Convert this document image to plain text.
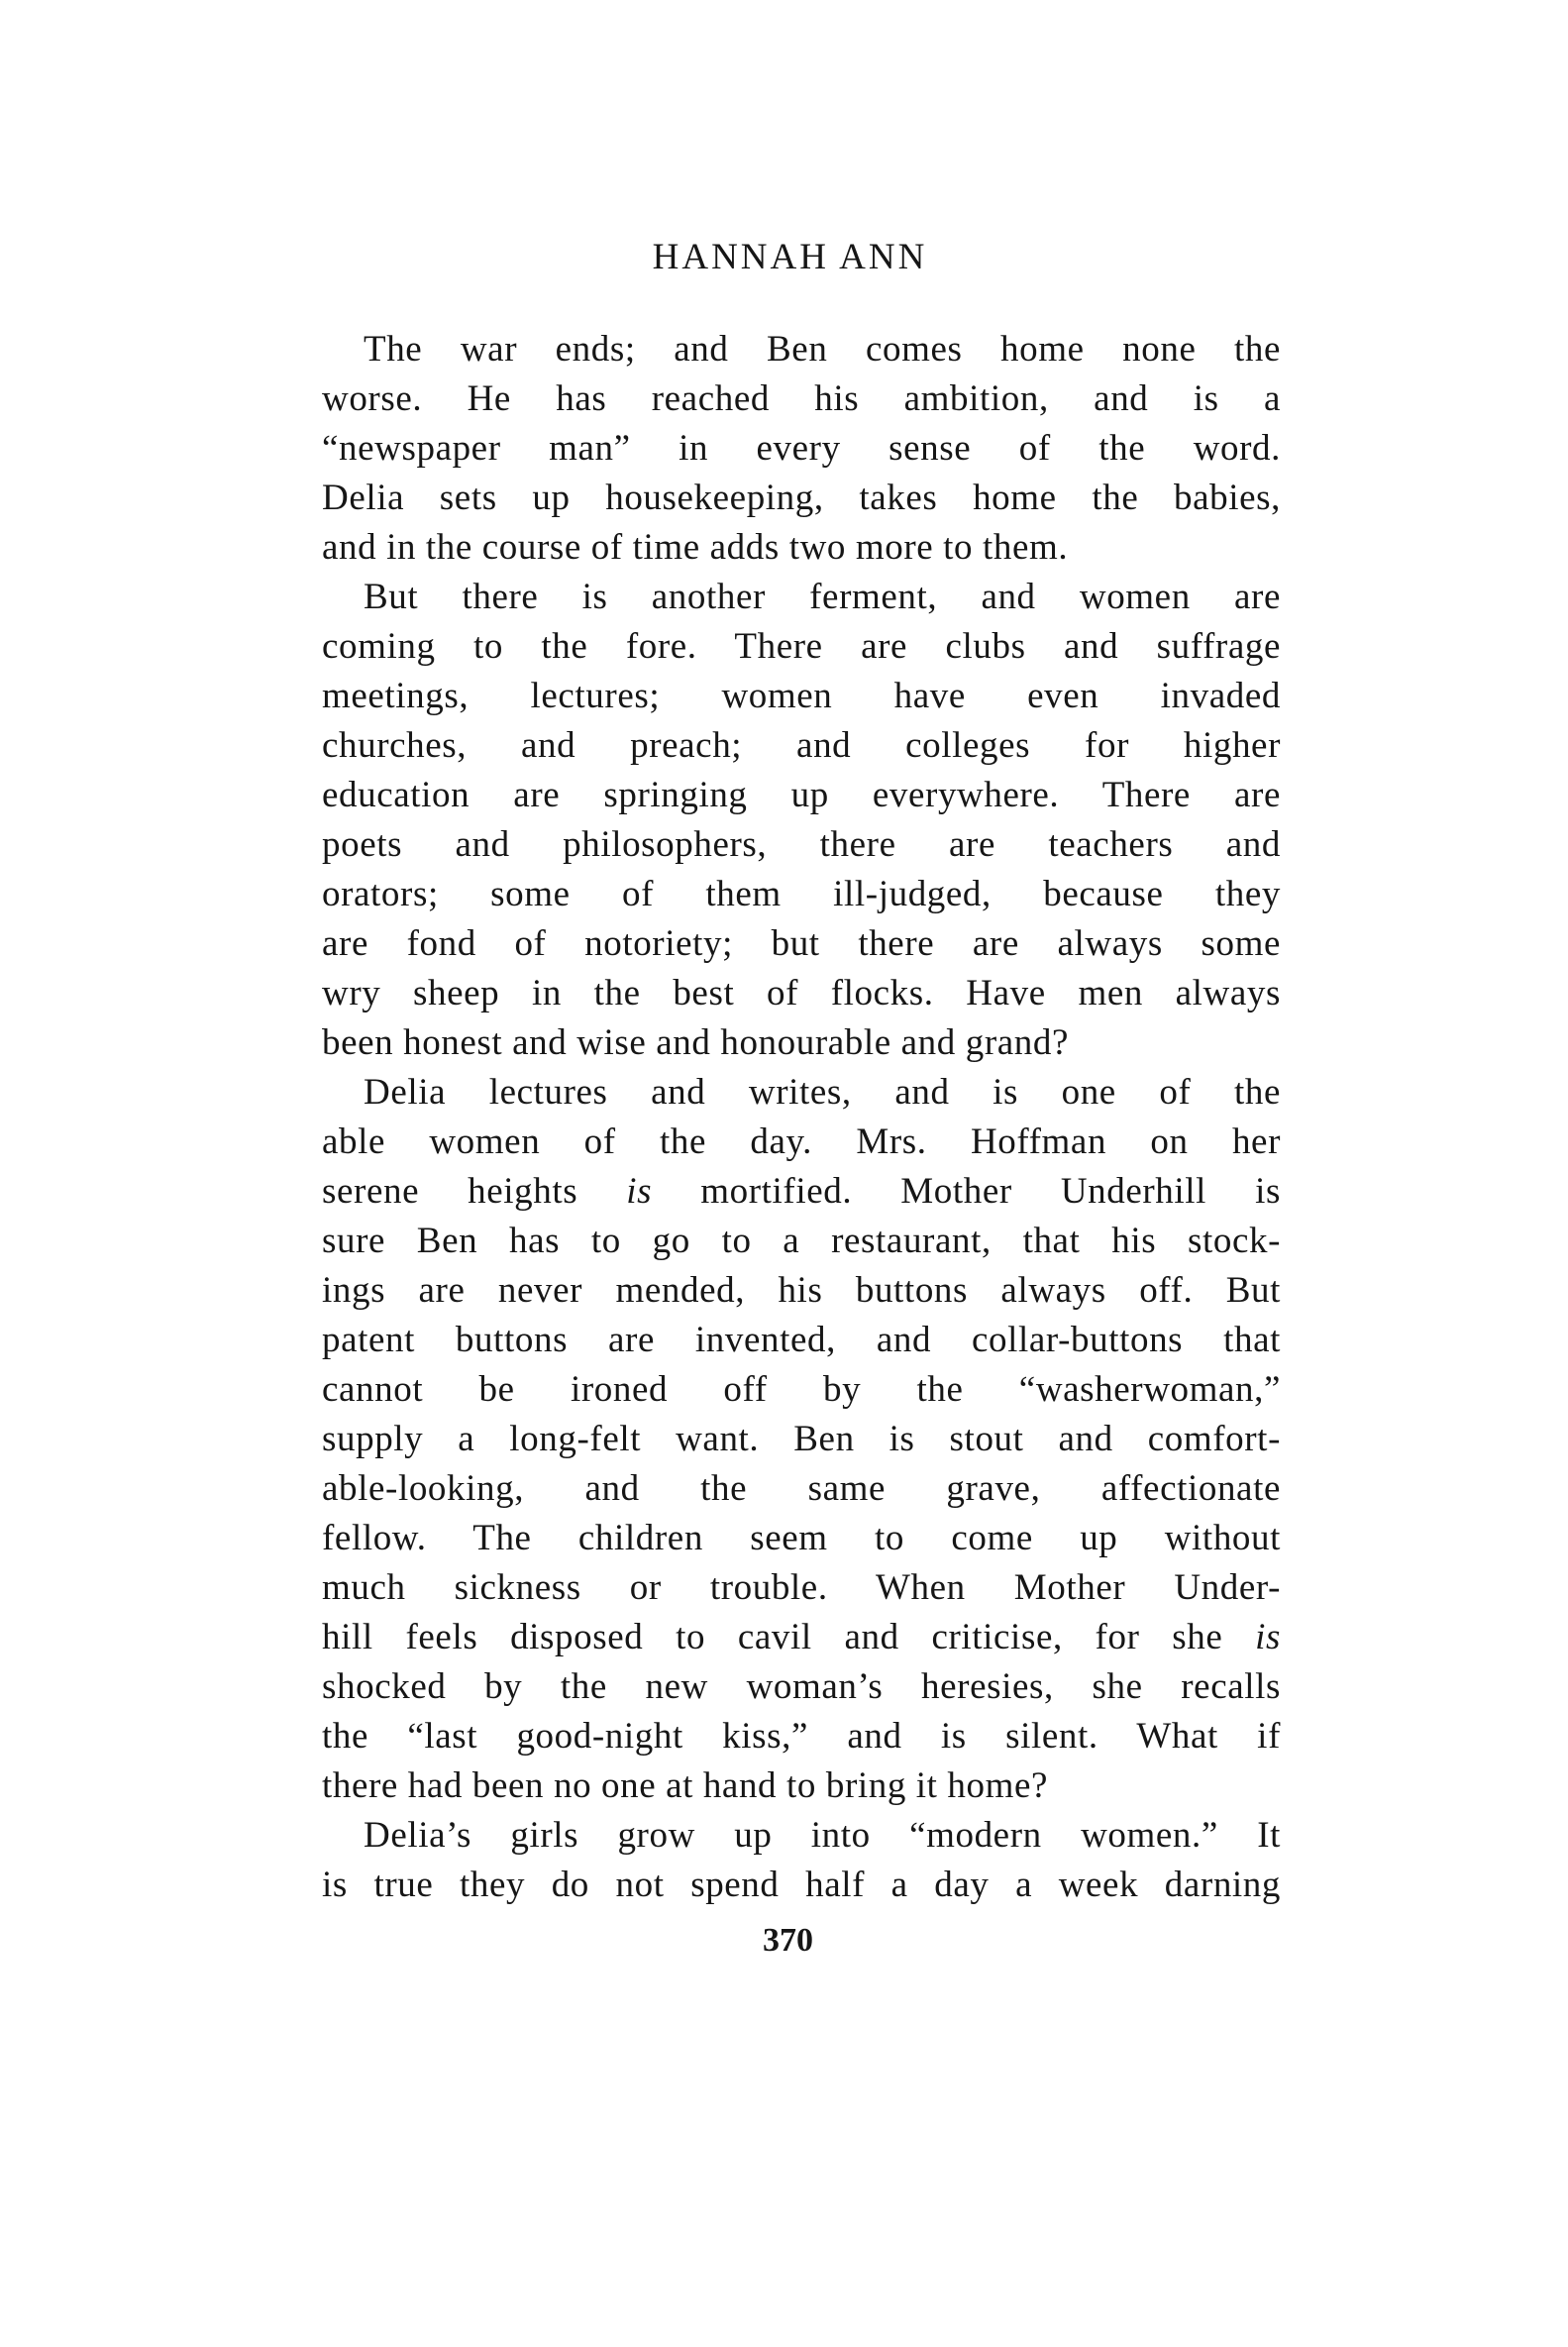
HANNAH ANN
The war ends; and Ben comes home none the
worse. He has reached his ambition, and is a
“newspaper man” in every sense of the word.
Delia sets up housekeeping, takes home the babies,
and in the course of time adds two more to them.
But there is another ferment, and women are
coming to the fore. There are clubs and suffrage
meetings, lectures; women have even invaded
churches, and preach; and colleges for higher
education are springing up everywhere. There are
poets and philosophers, there are teachers and
orators; some of them ill-judged, because they
are fond of notoriety; but there are always some
wry sheep in the best of flocks. Have men always
been honest and wise and honourable and grand?
Delia lectures and writes, and is one of the
able women of the day. Mrs. Hoffman on her
serene heights is mortified. Mother Underhill is
sure Ben has to go to a restaurant, that his stock-
ings are never mended, his buttons always off. But
patent buttons are invented, and collar-buttons that
cannot be ironed off by the “washerwoman,”
supply a long-felt want. Ben is stout and comfort-
able-looking, and the same grave, affectionate
fellow. The children seem to come up without
much sickness or trouble. When Mother Under-
hill feels disposed to cavil and criticise, for she is
shocked by the new woman’s heresies, she recalls
the “last good-night kiss,” and is silent. What if
there had been no one at hand to bring it home?
Delia’s girls grow up into “modern women.” It
is true they do not spend half a day a week darning
370
